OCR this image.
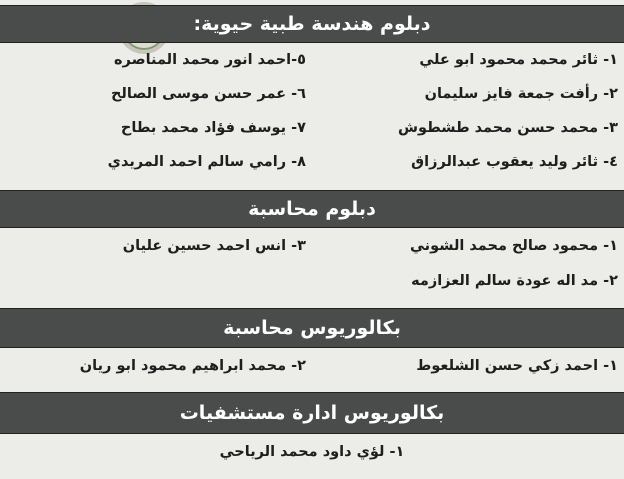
دبلوم هندسة طبية حيوية:
١- ثائر محمد محمود ابو علي
٢- رأفت جمعة فايز سليمان
٣- محمد حسن محمد طشطوش
٤- ثائر وليد يعقوب عبدالرزاق
٥-احمد انور محمد المناصره
٦- عمر حسن موسى الصالح
٧- يوسف فؤاد محمد بطاح
٨- رامي سالم احمد المريدي
دبلوم محاسبة
١- محمود صالح محمد الشوني
٢- مد اله عودة سالم العزازمه
٣- انس احمد حسين عليان
بكالوريوس محاسبة
١- احمد زكي حسن الشلعوط
٢- محمد ابراهيم محمود ابو ريان
بكالوريوس ادارة مستشفيات
١- لؤي داود محمد الرياحي
